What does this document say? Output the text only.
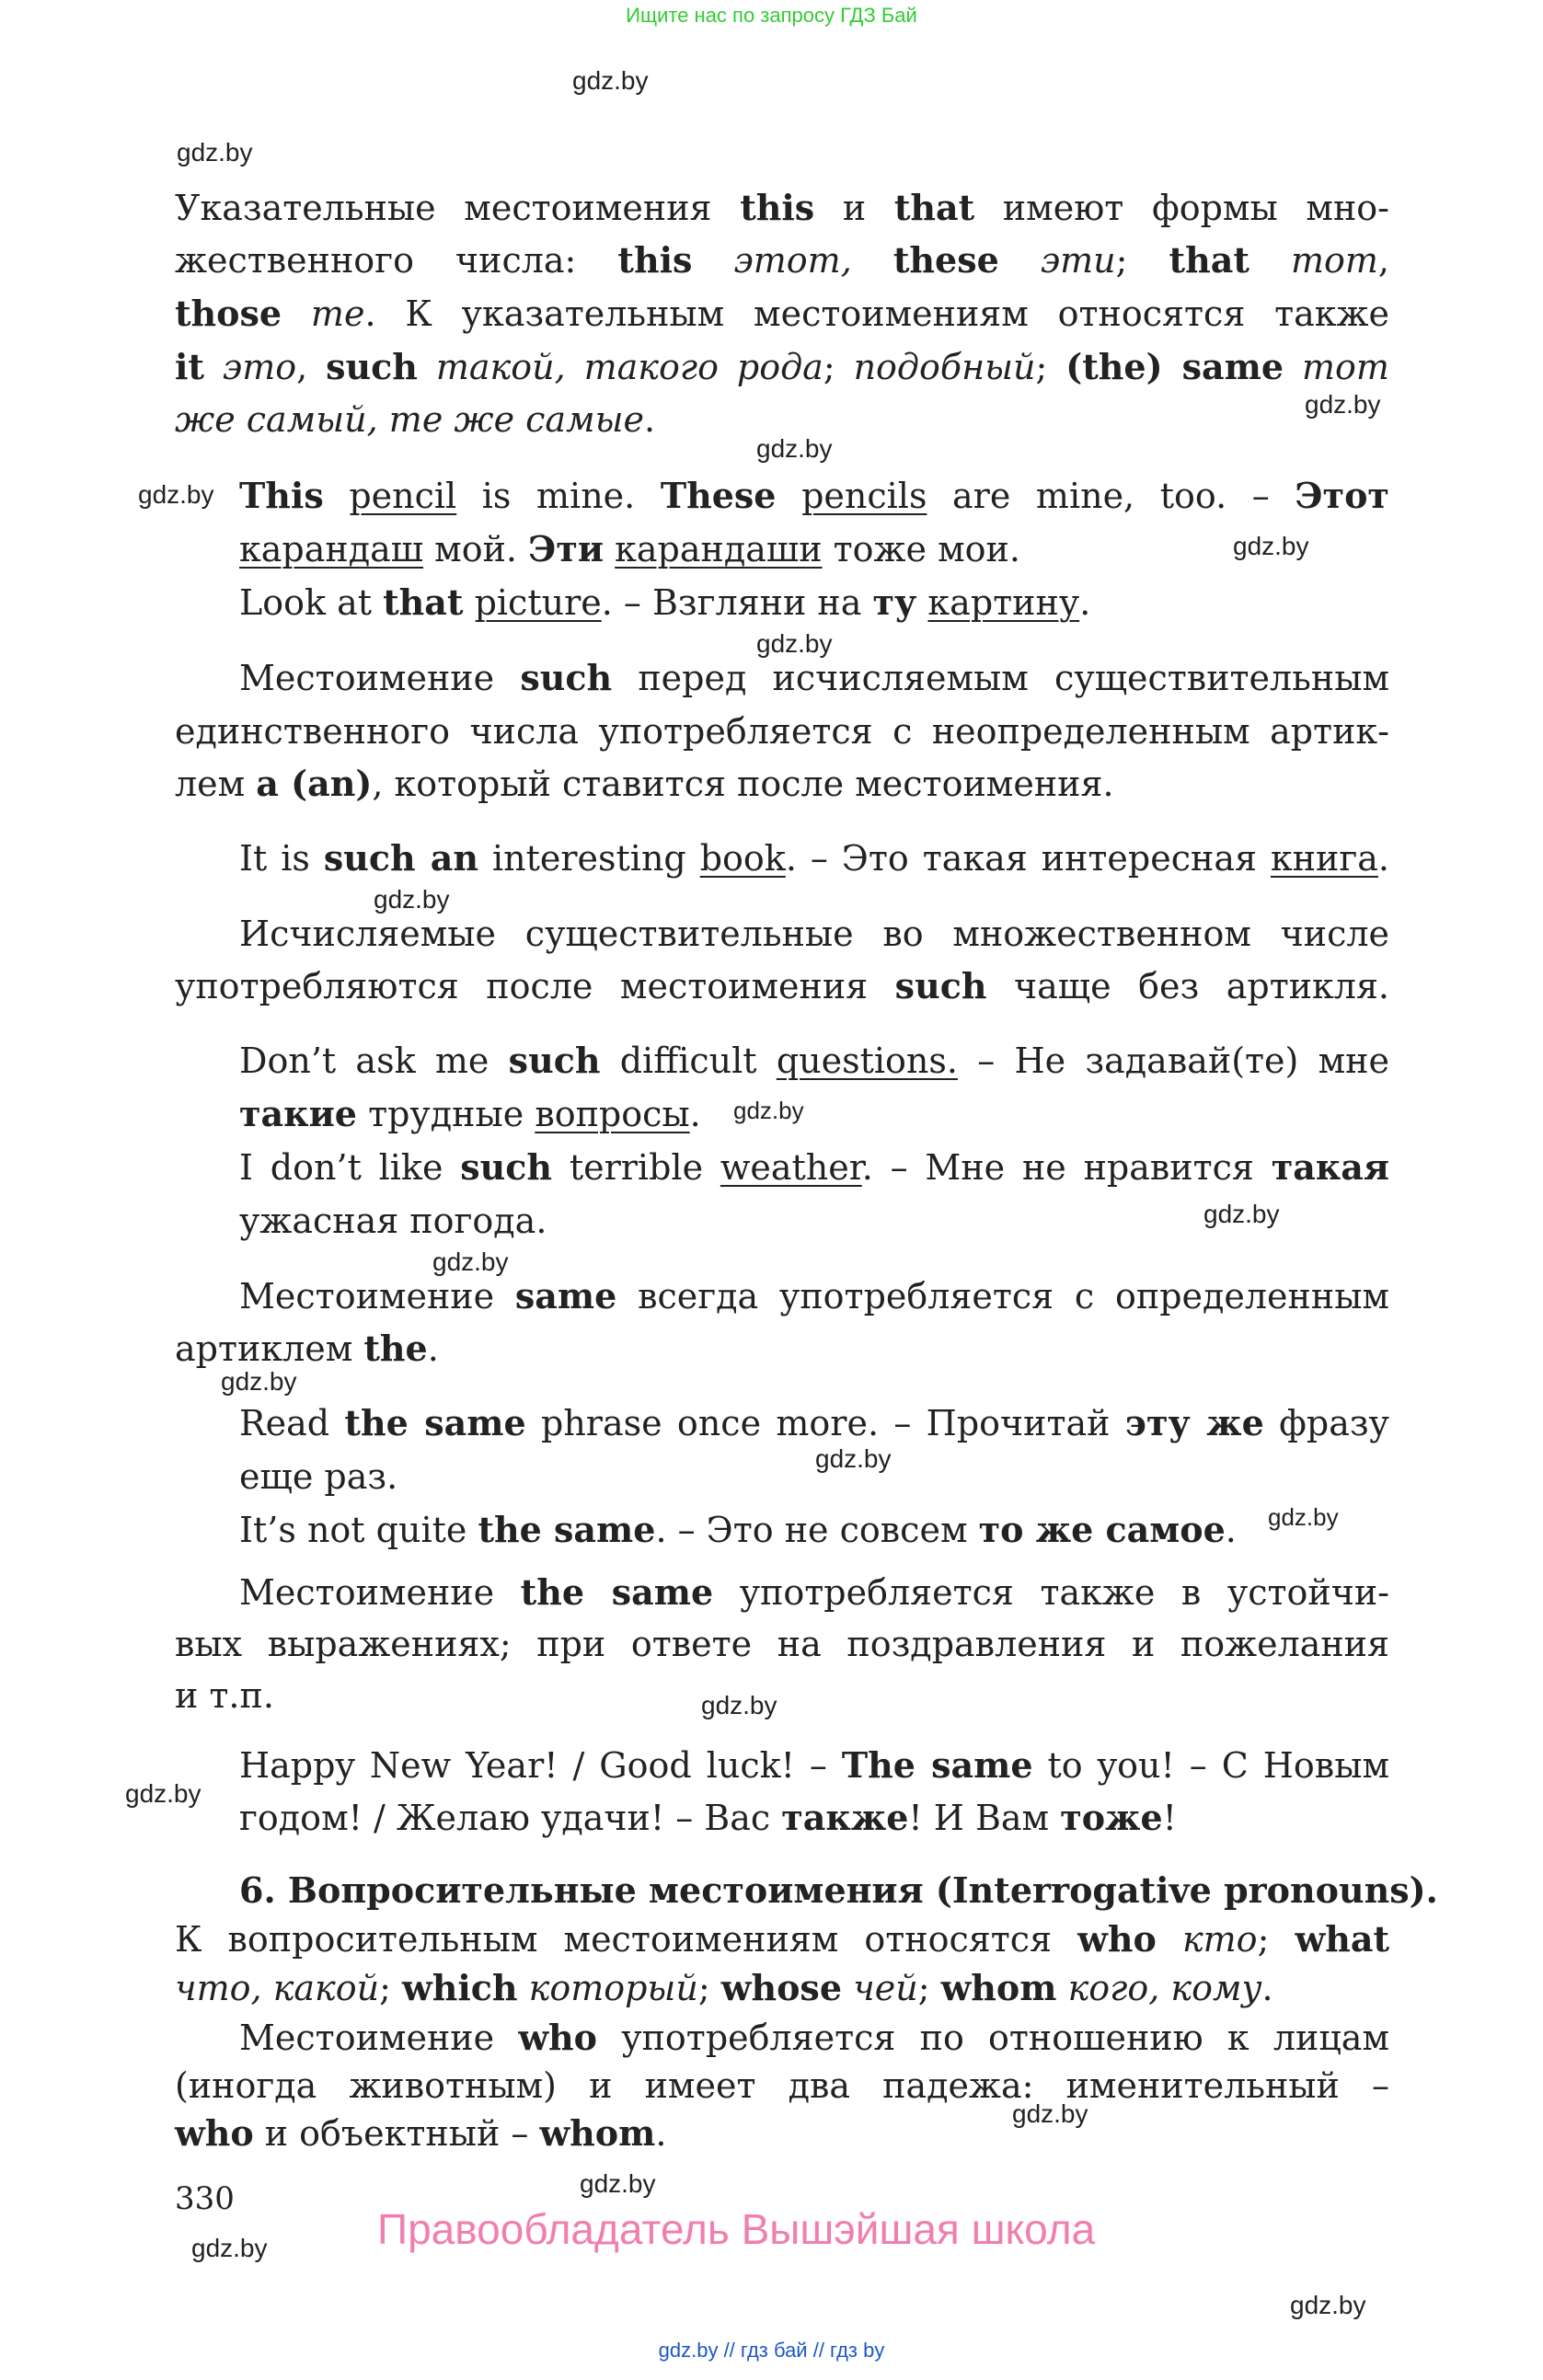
Ищите нас по запросу ГДЗ Бай
gdz.by
gdz.by
gdz.by
gdz.by
gdz.by
gdz.by
gdz.by
gdz.by
gdz.by
gdz.by
gdz.by
gdz.by
gdz.by
gdz.by
gdz.by
gdz.by
gdz.by
gdz.by
gdz.by
gdz.by
Указательные местоимения this и that имеют формы мно-
жественного числа: this этот, these эти; that тот,
those те. К указательным местоимениям относятся также
it это, such такой, такого рода; подобный; (the) same тот
же самый, те же самые.
This pencil is mine. These pencils are mine, too. – Этот
карандаш мой. Эти карандаши тоже мои.
Look at that picture. – Взгляни на ту картину.
Местоимение such перед исчисляемым существительным
единственного числа употребляется с неопределенным артик-
лем a (an), который ставится после местоимения.
It is such an interesting book. – Это такая интересная книга.
Исчисляемые существительные во множественном числе
употребляются после местоимения such чаще без артикля.
Don’t ask me such difficult questions. – Не задавай(те) мне
такие трудные вопросы.
I don’t like such terrible weather. – Мне не нравится такая
ужасная погода.
Местоимение same всегда употребляется с определенным
артиклем the.
Read the same phrase once more. – Прочитай эту же фразу
еще раз.
It’s not quite the same. – Это не совсем то же самое.
Местоимение the same употребляется также в устойчи-
вых выражениях; при ответе на поздравления и пожелания
и т.п.
Happy New Year! / Good luck! – The same to you! – С Новым
годом! / Желаю удачи! – Вас также! И Вам тоже!
6. Вопросительные местоимения (Interrogative pronouns).
К вопросительным местоимениям относятся who кто; what
что, какой; which который; whose чей; whom кого, кому.
Местоимение who употребляется по отношению к лицам
(иногда животным) и имеет два падежа: именительный –
who и объектный – whom.
330
Правообладатель Вышэйшая школа
gdz.by // гдз бай // гдз by
